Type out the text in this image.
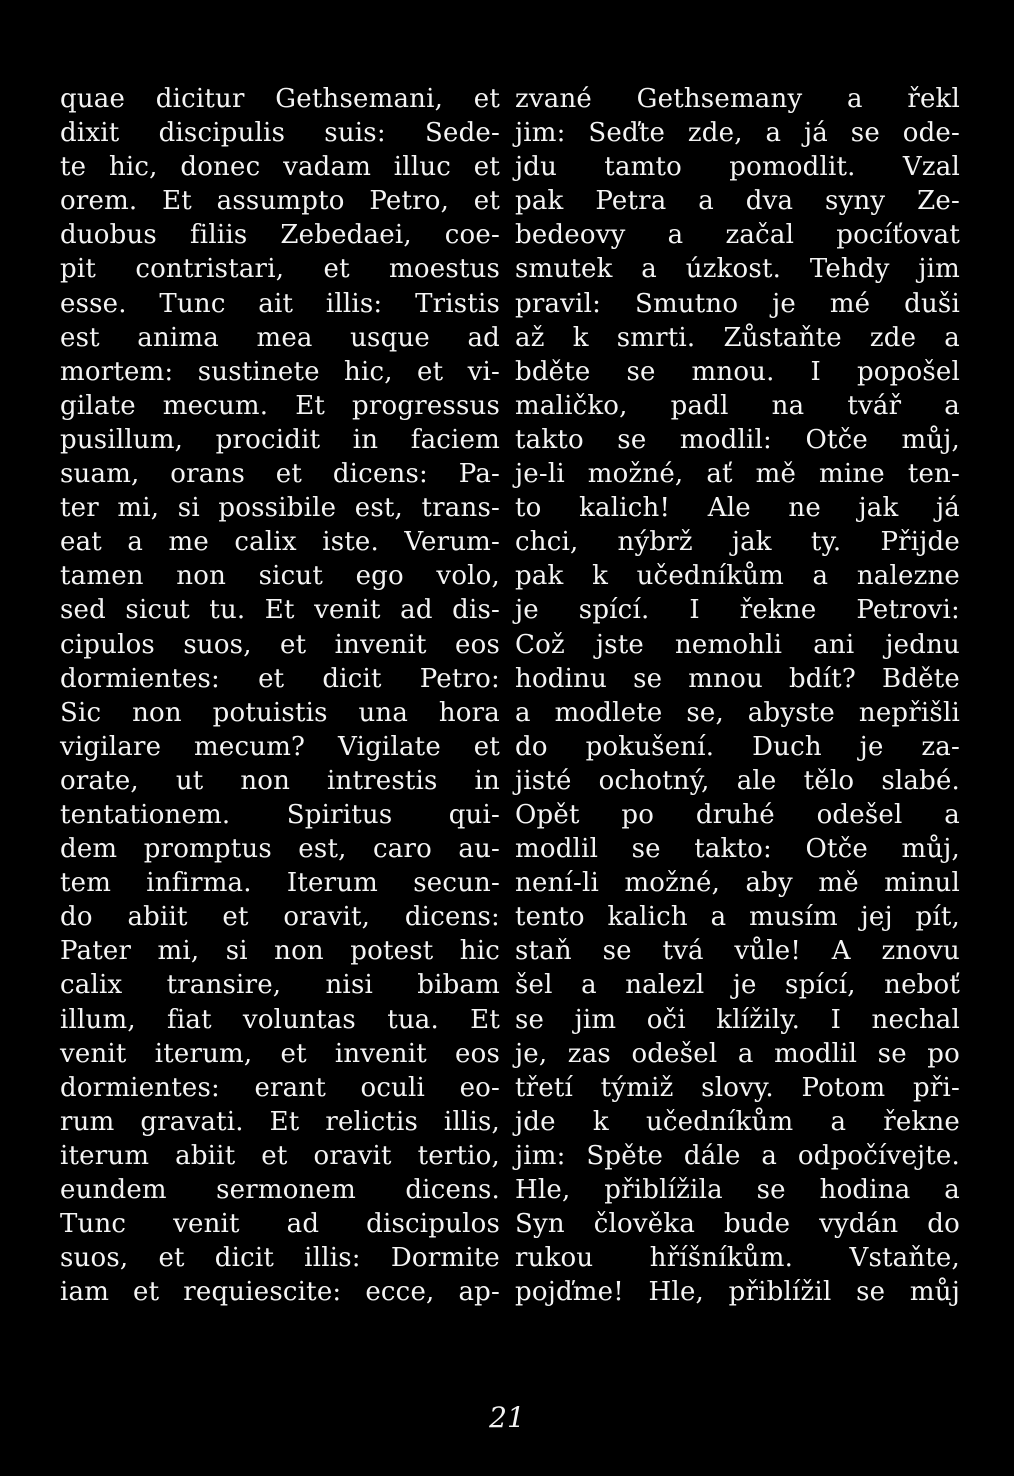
quae dicitur Gethsemani, et
dixit discipulis suis: Sede-
te hic, donec vadam illuc et
orem. Et assumpto Petro, et
duobus filiis Zebedaei, coe-
pit contristari, et moestus
esse. Tunc ait illis: Tristis
est anima mea usque ad
mortem: sustinete hic, et vi-
gilate mecum. Et progressus
pusillum, procidit in faciem
suam, orans et dicens: Pa-
ter mi, si possibile est, trans-
eat a me calix iste. Verum-
tamen non sicut ego volo,
sed sicut tu. Et venit ad dis-
cipulos suos, et invenit eos
dormientes: et dicit Petro:
Sic non potuistis una hora
vigilare mecum? Vigilate et
orate, ut non intrestis in
tentationem. Spiritus qui-
dem promptus est, caro au-
tem infirma. Iterum secun-
do abiit et oravit, dicens:
Pater mi, si non potest hic
calix transire, nisi bibam
illum, fiat voluntas tua. Et
venit iterum, et invenit eos
dormientes: erant oculi eo-
rum gravati. Et relictis illis,
iterum abiit et oravit tertio,
eundem sermonem dicens.
Tunc venit ad discipulos
suos, et dicit illis: Dormite
iam et requiescite: ecce, ap-
zvané Gethsemany a řekl
jim: Seďte zde, a já se ode-
jdu tamto pomodlit. Vzal
pak Petra a dva syny Ze-
bedeovy a začal pocíťovat
smutek a úzkost. Tehdy jim
pravil: Smutno je mé duši
až k smrti. Zůstaňte zde a
bděte se mnou. I popošel
maličko, padl na tvář a
takto se modlil: Otče můj,
je-li možné, ať mě mine ten-
to kalich! Ale ne jak já
chci, nýbrž jak ty. Přijde
pak k učedníkům a nalezne
je spící. I řekne Petrovi:
Což jste nemohli ani jednu
hodinu se mnou bdít? Bděte
a modlete se, abyste nepřišli
do pokušení. Duch je za-
jisté ochotný, ale tělo slabé.
Opět po druhé odešel a
modlil se takto: Otče můj,
není-li možné, aby mě minul
tento kalich a musím jej pít,
staň se tvá vůle! A znovu
šel a nalezl je spící, neboť
se jim oči klížily. I nechal
je, zas odešel a modlil se po
třetí týmiž slovy. Potom při-
jde k učedníkům a řekne
jim: Spěte dále a odpočívejte.
Hle, přiblížila se hodina a
Syn člověka bude vydán do
rukou hříšníkům. Vstaňte,
pojďme! Hle, přiblížil se můj
21
